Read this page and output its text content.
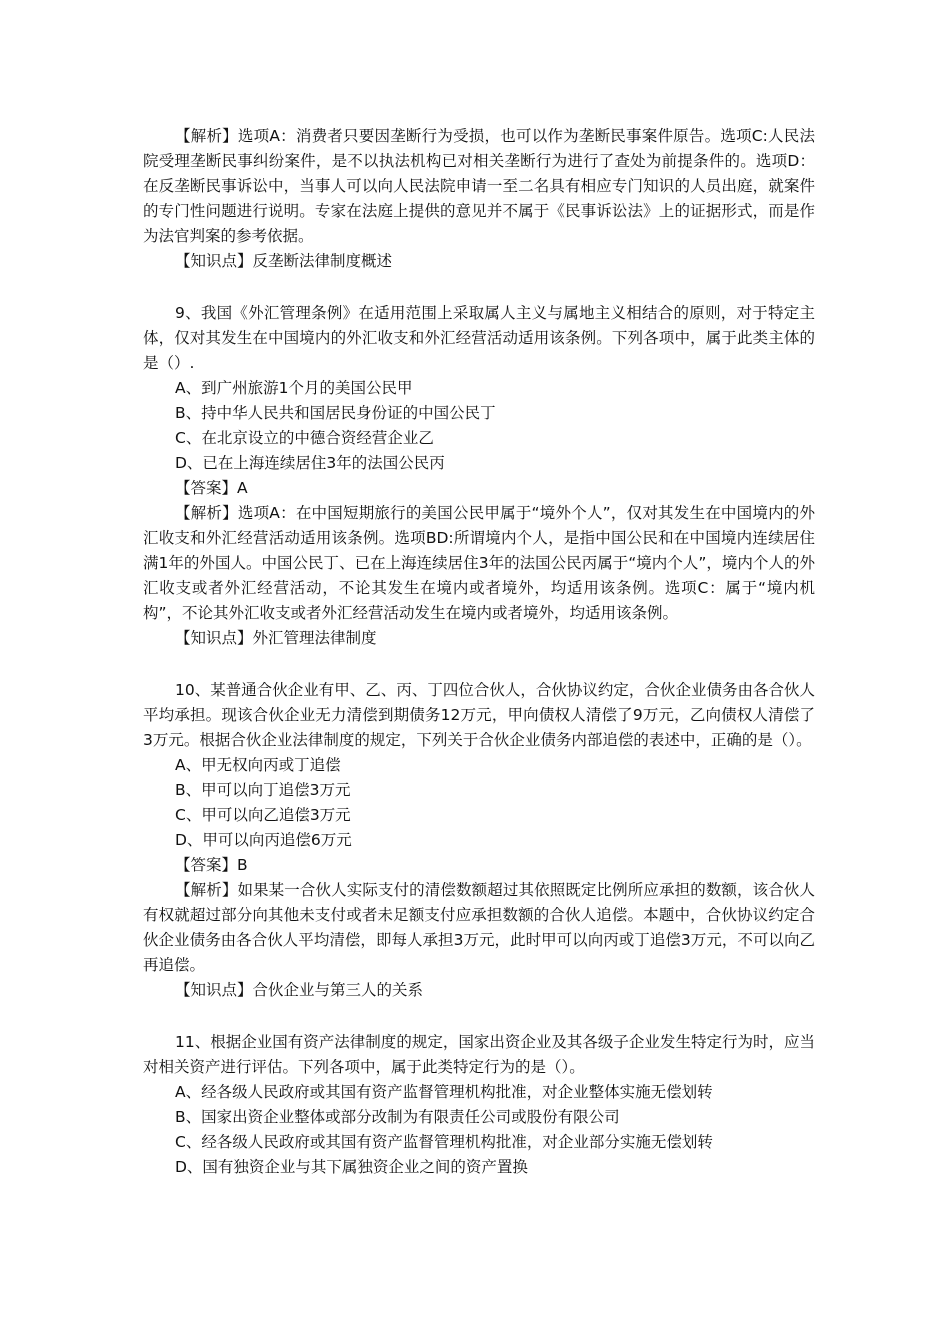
【解析】选项A：消费者只要因垄断行为受损，也可以作为垄断民事案件原告。选项C:人民法院受理垄断民事纠纷案件，是不以执法机构已对相关垄断行为进行了查处为前提条件的。选项D：在反垄断民事诉讼中，当事人可以向人民法院申请一至二名具有相应专门知识的人员出庭，就案件的专门性问题进行说明。专家在法庭上提供的意见并不属于《民事诉讼法》上的证据形式，而是作为法官判案的参考依据。

【知识点】反垄断法律制度概述

9、我国《外汇管理条例》在适用范围上采取属人主义与属地主义相结合的原则，对于特定主体，仅对其发生在中国境内的外汇收支和外汇经营活动适用该条例。下列各项中，属于此类主体的是（）.

A、到广州旅游1个月的美国公民甲

B、持中华人民共和国居民身份证的中国公民丁

C、在北京设立的中德合资经营企业乙

D、已在上海连续居住3年的法国公民丙

【答案】A

【解析】选项A：在中国短期旅行的美国公民甲属于“境外个人”，仅对其发生在中国境内的外汇收支和外汇经营活动适用该条例。选项BD:所谓境内个人，是指中国公民和在中国境内连续居住满1年的外国人。中国公民丁、已在上海连续居住3年的法国公民丙属于“境内个人”，境内个人的外汇收支或者外汇经营活动，不论其发生在境内或者境外，均适用该条例。选项C：属于“境内机构”，不论其外汇收支或者外汇经营活动发生在境内或者境外，均适用该条例。

【知识点】外汇管理法律制度

10、某普通合伙企业有甲、乙、丙、丁四位合伙人，合伙协议约定，合伙企业债务由各合伙人平均承担。现该合伙企业无力清偿到期债务12万元，甲向债权人清偿了9万元，乙向债权人清偿了3万元。根据合伙企业法律制度的规定，下列关于合伙企业债务内部追偿的表述中，正确的是（）。

A、甲无权向丙或丁追偿

B、甲可以向丁追偿3万元

C、甲可以向乙追偿3万元

D、甲可以向丙追偿6万元

【答案】B

【解析】如果某一合伙人实际支付的清偿数额超过其依照既定比例所应承担的数额，该合伙人有权就超过部分向其他未支付或者未足额支付应承担数额的合伙人追偿。本题中，合伙协议约定合伙企业债务由各合伙人平均清偿，即每人承担3万元，此时甲可以向丙或丁追偿3万元，不可以向乙再追偿。

【知识点】合伙企业与第三人的关系

11、根据企业国有资产法律制度的规定，国家出资企业及其各级子企业发生特定行为时，应当对相关资产进行评估。下列各项中，属于此类特定行为的是（）。

A、经各级人民政府或其国有资产监督管理机构批准，对企业整体实施无偿划转

B、国家出资企业整体或部分改制为有限责任公司或股份有限公司

C、经各级人民政府或其国有资产监督管理机构批准，对企业部分实施无偿划转

D、国有独资企业与其下属独资企业之间的资产置换
